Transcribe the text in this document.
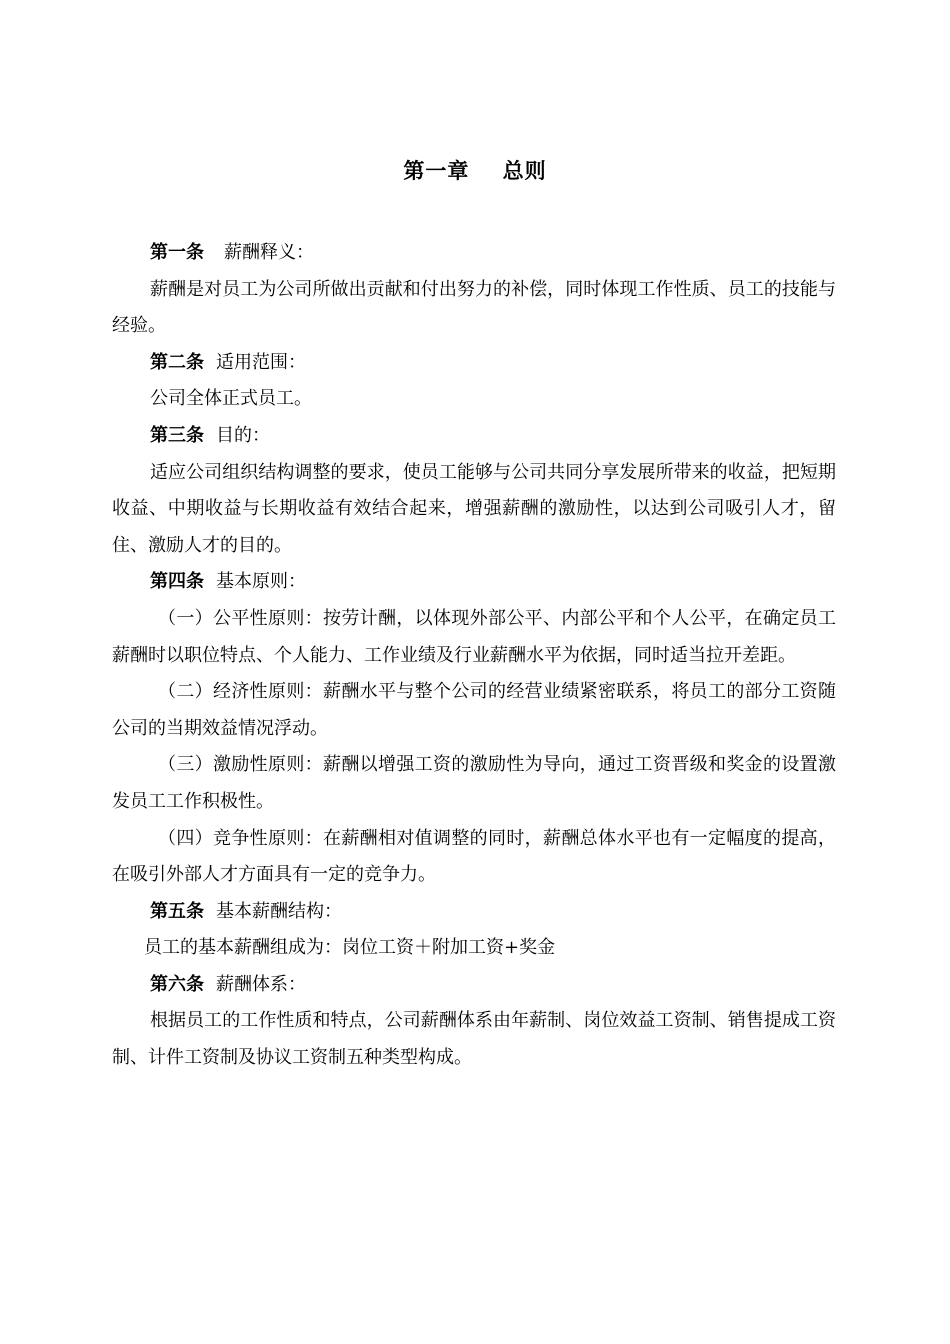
第一章    总则

第一条 薪酬释义：

薪酬是对员工为公司所做出贡献和付出努力的补偿，同时体现工作性质、员工的技能与经验。

第二条 适用范围：

公司全体正式员工。

第三条 目的：

适应公司组织结构调整的要求，使员工能够与公司共同分享发展所带来的收益，把短期收益、中期收益与长期收益有效结合起来，增强薪酬的激励性，以达到公司吸引人才，留住、激励人才的目的。

第四条 基本原则：

（一）公平性原则：按劳计酬，以体现外部公平、内部公平和个人公平，在确定员工薪酬时以职位特点、个人能力、工作业绩及行业薪酬水平为依据，同时适当拉开差距。

（二）经济性原则：薪酬水平与整个公司的经营业绩紧密联系，将员工的部分工资随公司的当期效益情况浮动。

（三）激励性原则：薪酬以增强工资的激励性为导向，通过工资晋级和奖金的设置激发员工工作积极性。

（四）竞争性原则：在薪酬相对值调整的同时，薪酬总体水平也有一定幅度的提高，在吸引外部人才方面具有一定的竞争力。

第五条 基本薪酬结构：

员工的基本薪酬组成为：岗位工资＋附加工资+奖金

第六条 薪酬体系：

根据员工的工作性质和特点，公司薪酬体系由年薪制、岗位效益工资制、销售提成工资制、计件工资制及协议工资制五种类型构成。
